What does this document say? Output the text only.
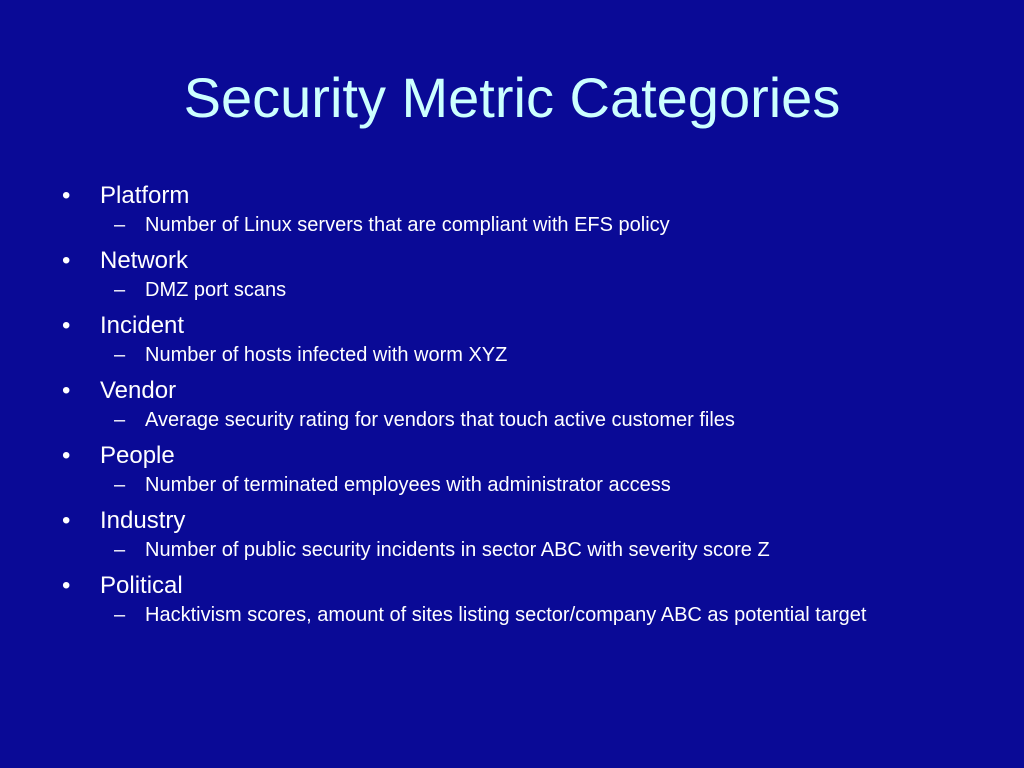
Security Metric Categories
• Platform
– Number of Linux servers that are compliant with EFS policy
• Network
– DMZ port scans
• Incident
– Number of hosts infected with worm XYZ
• Vendor
– Average security rating for vendors that touch active customer files
• People
– Number of terminated employees with administrator access
• Industry
– Number of public security incidents in sector ABC with severity score Z
• Political
– Hacktivism scores, amount of sites listing sector/company ABC as potential target
